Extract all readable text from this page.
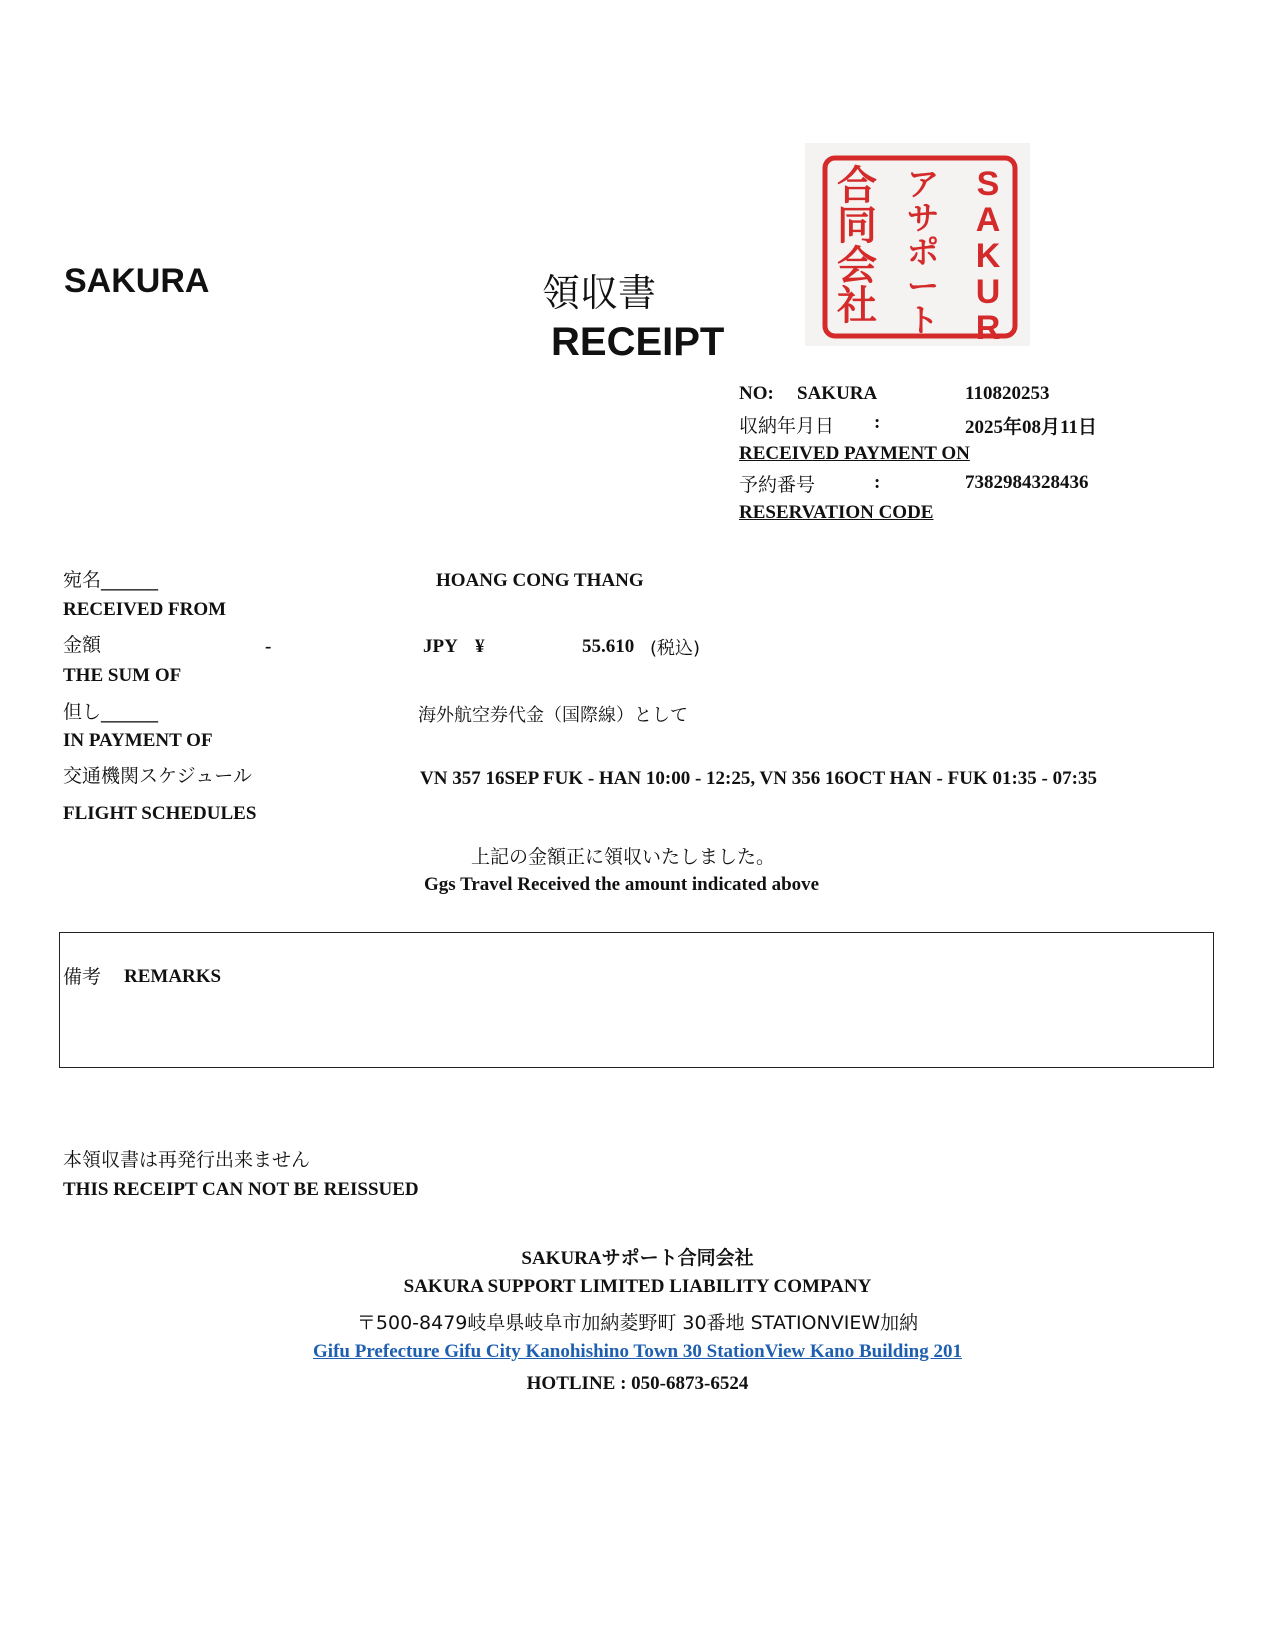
SAKURA	領収書
RECEIPT
S
A
K
U
R
ア
サ
ポ
ー
ト
合
同
会
社
NO: SAKURA	110820253
収納年月日 :	2025年08月11日
RECEIVED PAYMENT ON
予約番号	:	7382984328436
RESERVATION CODE
宛名______	HOANG CONG THANG
RECEIVED FROM
金額	-	JPY ¥	55.610 (税込)
THE SUM OF
但し______	海外航空券代金（国際線）として
IN PAYMENT OF
交通機関スケジュール	VN 357 16SEP FUK - HAN 10:00 - 12:25, VN 356 16OCT HAN - FUK 01:35 - 07:35
FLIGHT SCHEDULES
上記の金額正に領収いたしました。
Ggs Travel Received the amount indicated above
備考 REMARKS
本領収書は再発行出来ません
THIS RECEIPT CAN NOT BE REISSUED
SAKURAサポート合同会社
SAKURA SUPPORT LIMITED LIABILITY COMPANY
〒500-8479岐阜県岐阜市加納菱野町 30番地 STATIONVIEW加納
Gifu Prefecture Gifu City Kanohishino Town 30 StationView Kano Building 201
HOTLINE : 050-6873-6524
